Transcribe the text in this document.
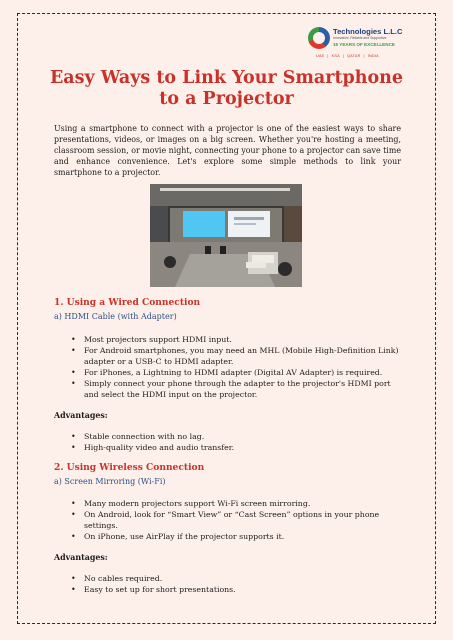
Technologies L.L.C
Innovative, Reliable and Supportive
15 YEARS OF EXCELLENCE
UAE | KSA | QATAR | INDIA
Easy Ways to Link Your Smartphone to a Projector

Using a smartphone to connect with a projector is one of the easiest ways to share presentations, videos, or images on a big screen. Whether you're hosting a meeting, classroom session, or movie night, connecting your phone to a projector can save time and enhance convenience. Let's explore some simple methods to link your smartphone to a projector.

1. Using a Wired Connection

a) HDMI Cable (with Adapter)

• Most projectors support HDMI input.
• For Android smartphones, you may need an MHL (Mobile High-Definition Link) adapter or a USB-C to HDMI adapter.
• For iPhones, a Lightning to HDMI adapter (Digital AV Adapter) is required.
• Simply connect your phone through the adapter to the projector's HDMI port and select the HDMI input on the projector.

Advantages:

• Stable connection with no lag.
• High-quality video and audio transfer.
2. Using Wireless Connection

a) Screen Mirroring (Wi-Fi)

• Many modern projectors support Wi-Fi screen mirroring.
• On Android, look for “Smart View” or “Cast Screen” options in your phone settings.
• On iPhone, use AirPlay if the projector supports it.

Advantages:

• No cables required.
• Easy to set up for short presentations.
